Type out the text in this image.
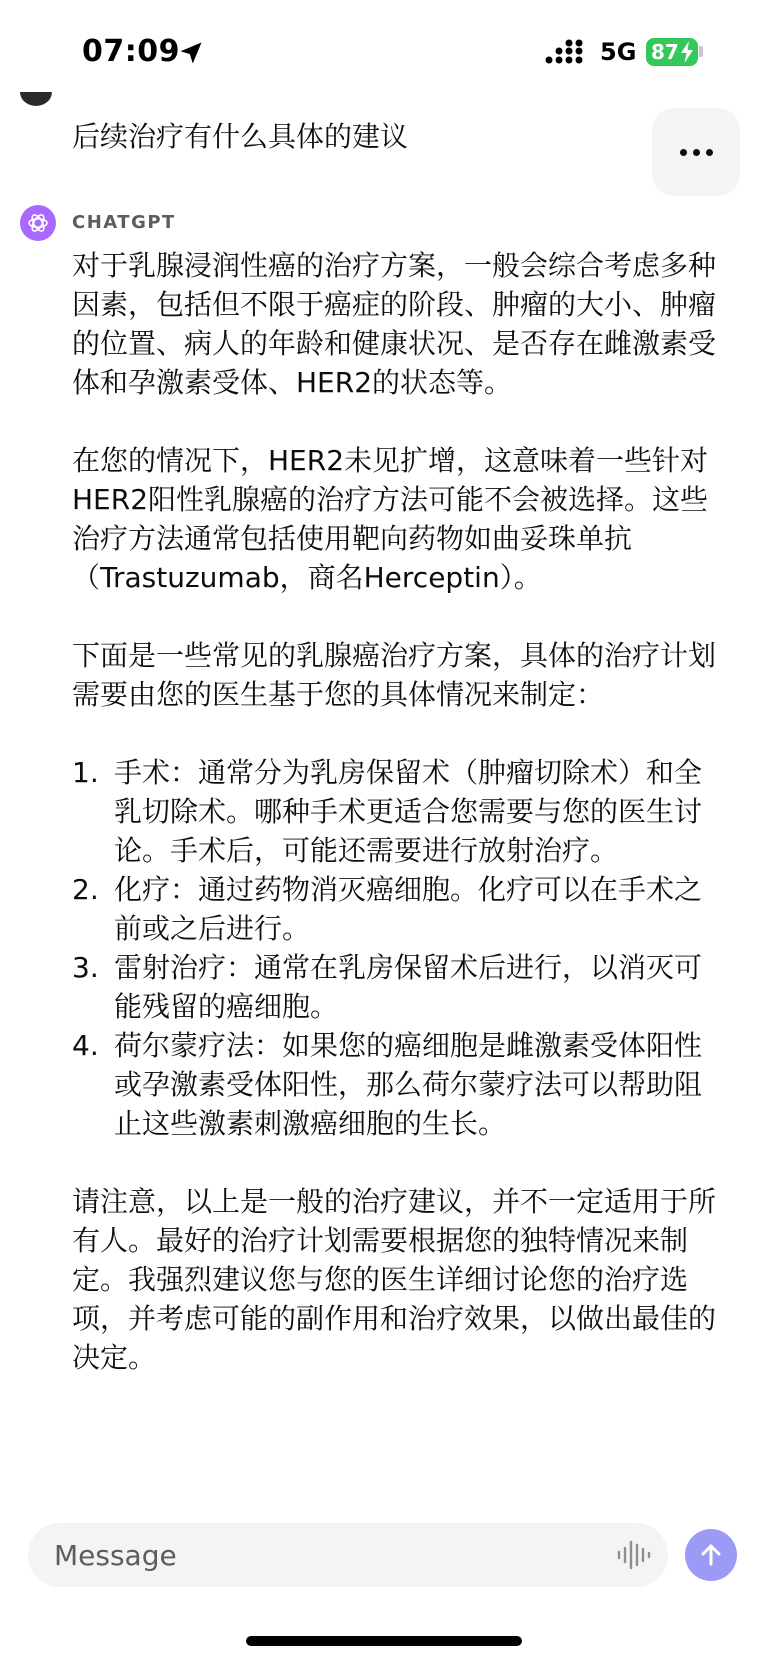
07:09	5G 87
后续治疗有什么具体的建议
CHATGPT

对于乳腺浸润性癌的治疗方案，一般会综合考虑多种因素，包括但不限于癌症的阶段、肿瘤的大小、肿瘤的位置、病人的年龄和健康状况、是否存在雌激素受体和孕激素受体、HER2的状态等。

在您的情况下，HER2未见扩增，这意味着一些针对HER2阳性乳腺癌的治疗方法可能不会被选择。这些治疗方法通常包括使用靶向药物如曲妥珠单抗（Trastuzumab，商名Herceptin）。

下面是一些常见的乳腺癌治疗方案，具体的治疗计划需要由您的医生基于您的具体情况来制定：

1. 手术：通常分为乳房保留术（肿瘤切除术）和全乳切除术。哪种手术更适合您需要与您的医生讨论。手术后，可能还需要进行放射治疗。
2. 化疗：通过药物消灭癌细胞。化疗可以在手术之前或之后进行。
3. 雷射治疗：通常在乳房保留术后进行，以消灭可能残留的癌细胞。
4. 荷尔蒙疗法：如果您的癌细胞是雌激素受体阳性或孕激素受体阳性，那么荷尔蒙疗法可以帮助阻止这些激素刺激癌细胞的生长。

请注意，以上是一般的治疗建议，并不一定适用于所有人。最好的治疗计划需要根据您的独特情况来制定。我强烈建议您与您的医生详细讨论您的治疗选项，并考虑可能的副作用和治疗效果，以做出最佳的决定。

Message
